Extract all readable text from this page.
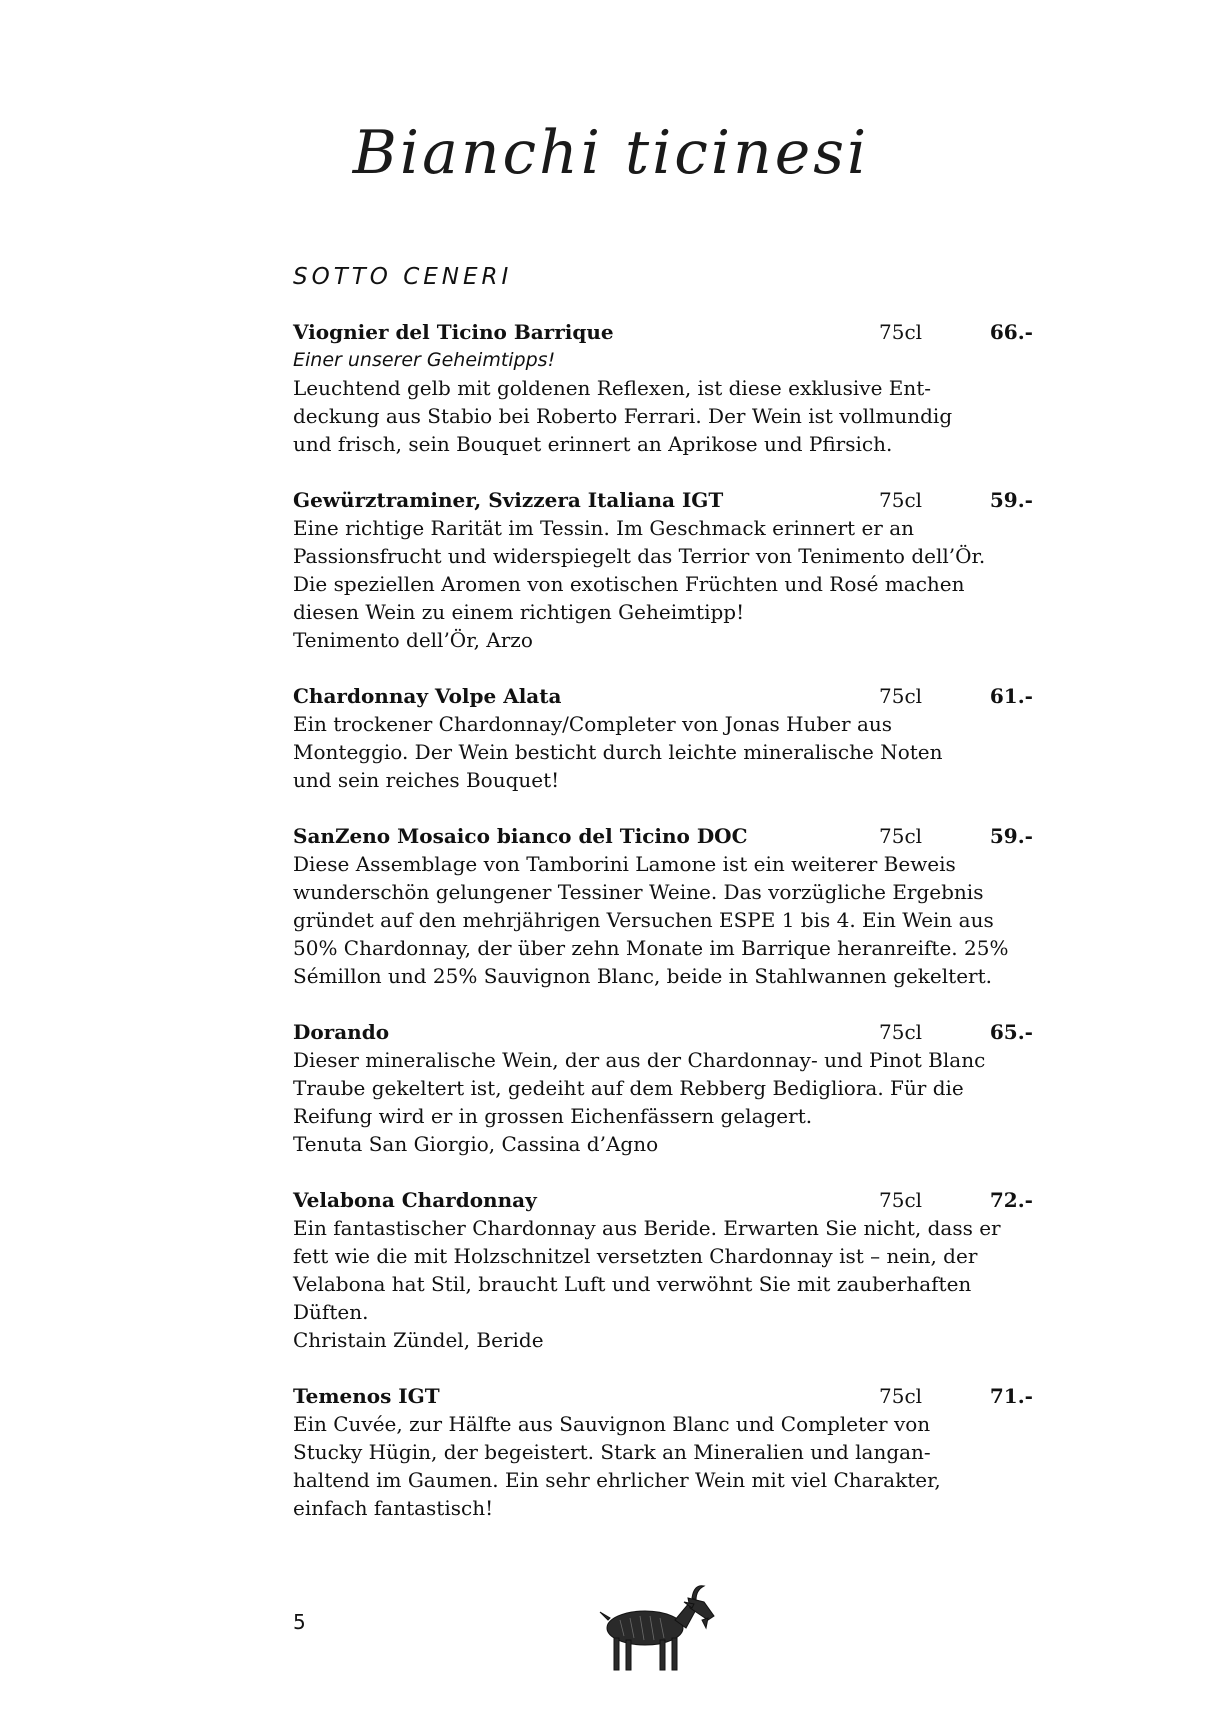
Bianchi ticinesi
SOTTO CENERI
Viognier del Ticino Barrique	75cl	66.-
Einer unserer Geheimtipps!
Leuchtend gelb mit goldenen Reflexen, ist diese exklusive Ent-
deckung aus Stabio bei Roberto Ferrari. Der Wein ist vollmundig
und frisch, sein Bouquet erinnert an Aprikose und Pfirsich.
Gewürztraminer, Svizzera Italiana IGT	75cl	59.-
Eine richtige Rarität im Tessin. Im Geschmack erinnert er an
Passionsfrucht und widerspiegelt das Terrior von Tenimento dell’Ör.
Die speziellen Aromen von exotischen Früchten und Rosé machen
diesen Wein zu einem richtigen Geheimtipp!
Tenimento dell’Ör, Arzo
Chardonnay Volpe Alata	75cl	61.-
Ein trockener Chardonnay/Completer von Jonas Huber aus
Monteggio. Der Wein besticht durch leichte mineralische Noten
und sein reiches Bouquet!
SanZeno Mosaico bianco del Ticino DOC	75cl	59.-
Diese Assemblage von Tamborini Lamone ist ein weiterer Beweis
wunderschön gelungener Tessiner Weine. Das vorzügliche Ergebnis
gründet auf den mehrjährigen Versuchen ESPE 1 bis 4. Ein Wein aus
50% Chardonnay, der über zehn Monate im Barrique heranreifte. 25%
Sémillon und 25% Sauvignon Blanc, beide in Stahlwannen gekeltert.
Dorando	75cl	65.-
Dieser mineralische Wein, der aus der Chardonnay- und Pinot Blanc
Traube gekeltert ist, gedeiht auf dem Rebberg Bedigliora. Für die
Reifung wird er in grossen Eichenfässern gelagert.
Tenuta San Giorgio, Cassina d’Agno
Velabona Chardonnay	75cl	72.-
Ein fantastischer Chardonnay aus Beride. Erwarten Sie nicht, dass er
fett wie die mit Holzschnitzel versetzten Chardonnay ist – nein, der
Velabona hat Stil, braucht Luft und verwöhnt Sie mit zauberhaften
Düften.
Christain Zündel, Beride
Temenos IGT	75cl	71.-
Ein Cuvée, zur Hälfte aus Sauvignon Blanc und Completer von
Stucky Hügin, der begeistert. Stark an Mineralien und langan-
haltend im Gaumen. Ein sehr ehrlicher Wein mit viel Charakter,
einfach fantastisch!
5
